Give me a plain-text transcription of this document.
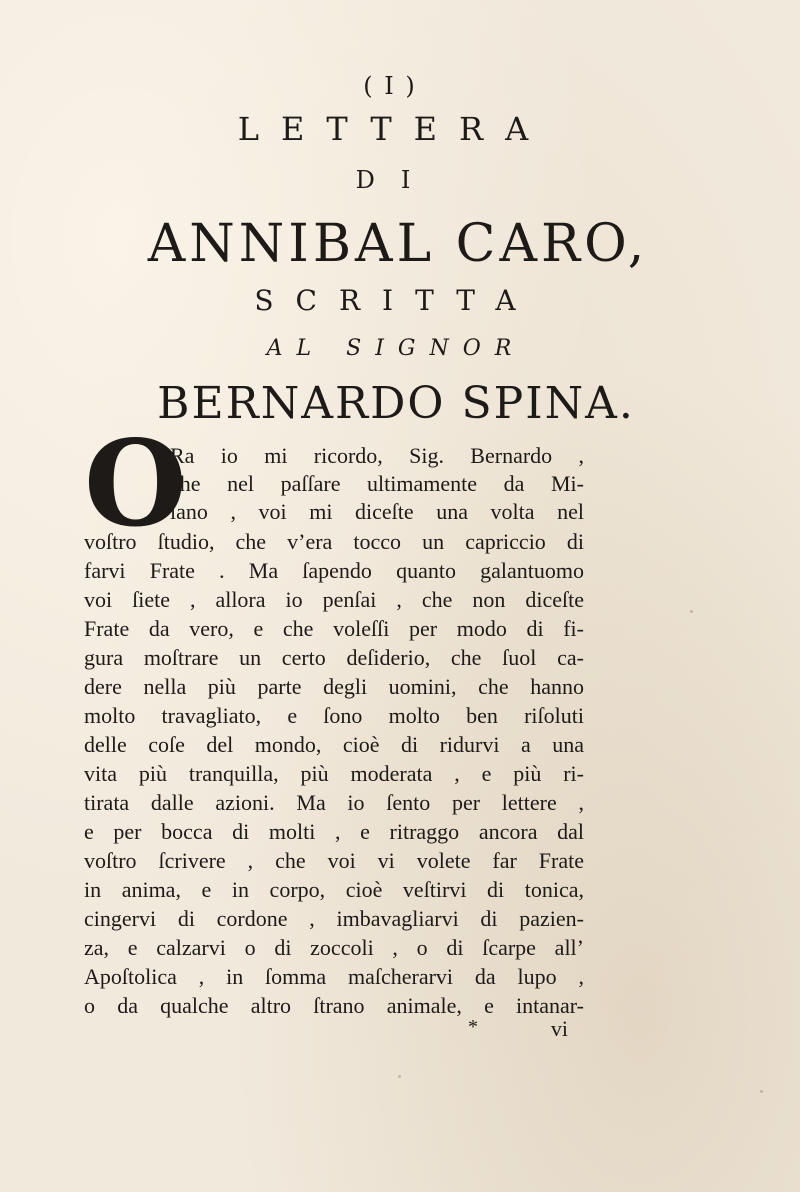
( I )
LETTERA
DI
ANNIBAL CARO,
SCRITTA
AL SIGNOR
BERNARDO SPINA.
O
Ra io mi ricordo, Sig. Bernardo ,
che nel paſſare ultimamente da Mi-
lano , voi mi diceſte una volta nel
voſtro ſtudio, che v’era tocco un capriccio di
farvi Frate . Ma ſapendo quanto galantuomo
voi ſiete , allora io penſai , che non diceſte
Frate da vero, e che voleſſi per modo di fi-
gura moſtrare un certo deſiderio, che ſuol ca-
dere nella più parte degli uomini, che hanno
molto travagliato, e ſono molto ben riſoluti
delle coſe del mondo, cioè di ridurvi a una
vita più tranquilla, più moderata , e più ri-
tirata dalle azioni. Ma io ſento per lettere ,
e per bocca di molti , e ritraggo ancora dal
voſtro ſcrivere , che voi vi volete far Frate
in anima, e in corpo, cioè veſtirvi di tonica,
cingervi di cordone , imbavagliarvi di pazien-
za, e calzarvi o di zoccoli , o di ſcarpe all’
Apoſtolica , in ſomma maſcherarvi da lupo ,
o da qualche altro ſtrano animale, e intanar-
*	vi
